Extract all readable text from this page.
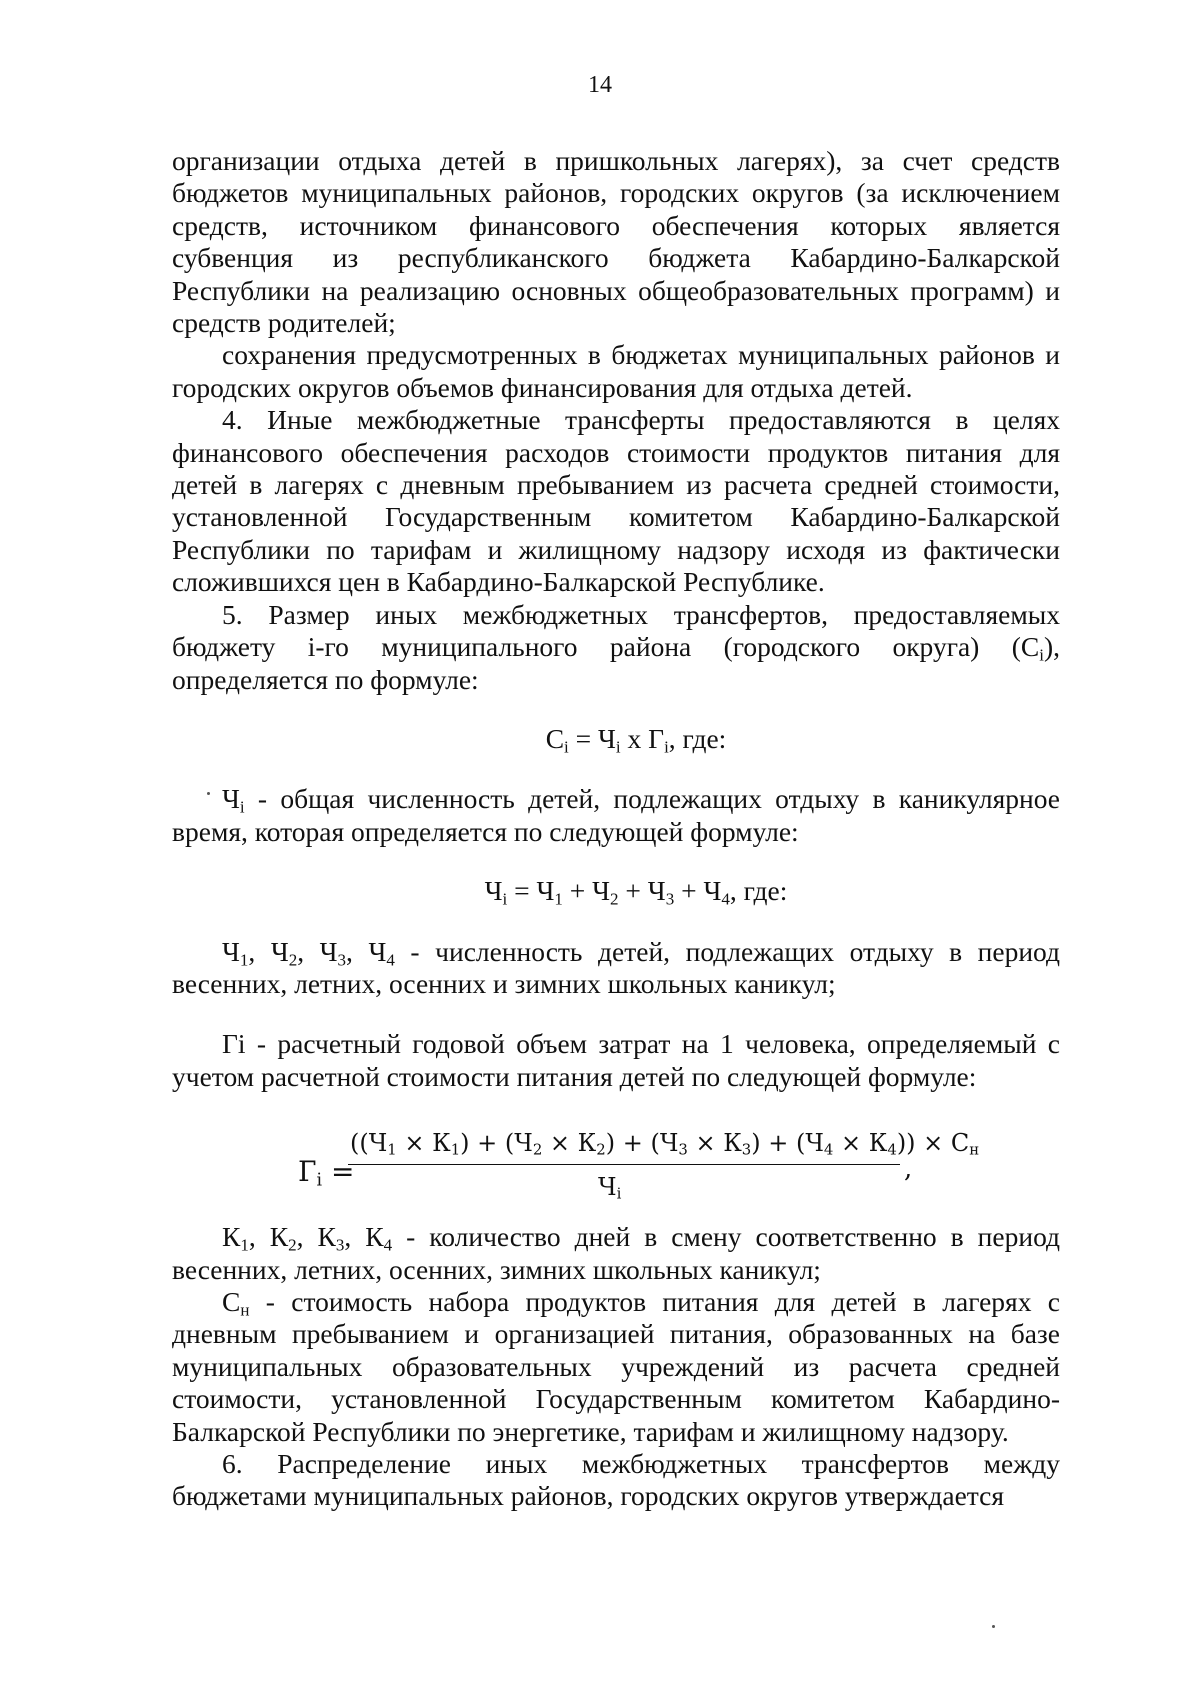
14

организации отдыха детей в пришкольных лагерях), за счет средств бюджетов муниципальных районов, городских округов (за исключением средств, источником финансового обеспечения которых является субвенция из республиканского бюджета Кабардино-Балкарской Республики на реализацию основных общеобразовательных программ) и средств родителей;

сохранения предусмотренных в бюджетах муниципальных районов и городских округов объемов финансирования для отдыха детей.

4. Иные межбюджетные трансферты предоставляются в целях финансового обеспечения расходов стоимости продуктов питания для детей в лагерях с дневным пребыванием из расчета средней стоимости, установленной Государственным комитетом Кабардино-Балкарской Республики по тарифам и жилищному надзору исходя из фактически сложившихся цен в Кабардино-Балкарской Республике.

5. Размер иных межбюджетных трансфертов, предоставляемых бюджету i-го муниципального района (городского округа) $(C_i)$, определяется по формуле:

$С_i = Ч_i$ х $Г_i$, где:

$Ч_i$ - общая численность детей, подлежащих отдыху в каникулярное время, которая определяется по следующей формуле:

$Ч_i = Ч_1 + Ч_2 + Ч_3 + Ч_4$, где:

$Ч_1$, $Ч_2$, $Ч_3$, $Ч_4$ - численность детей, подлежащих отдыху в период весенних, летних, осенних и зимних школьных каникул;

Гi - расчетный годовой объем затрат на 1 человека, определяемый с учетом расчетной стоимости питания детей по следующей формуле:

$Г_i$ =
$((Ч_1 \times К_1) + (Ч_2 \times К_2) + (Ч_3 \times К_3) + (Ч_4 \times К_4)) \times С_н$
$Ч_i$
,

$К_1$, $К_2$, $К_3$, $К_4$ - количество дней в смену соответственно в период весенних, летних, осенних, зимних школьных каникул;

$С_н$ - стоимость набора продуктов питания для детей в лагерях с дневным пребыванием и организацией питания, образованных на базе муниципальных образовательных учреждений из расчета средней стоимости, установленной Государственным комитетом Кабардино-Балкарской Республики по энергетике, тарифам и жилищному надзору.

6. Распределение иных межбюджетных трансфертов между бюджетами муниципальных районов, городских округов утверждается
